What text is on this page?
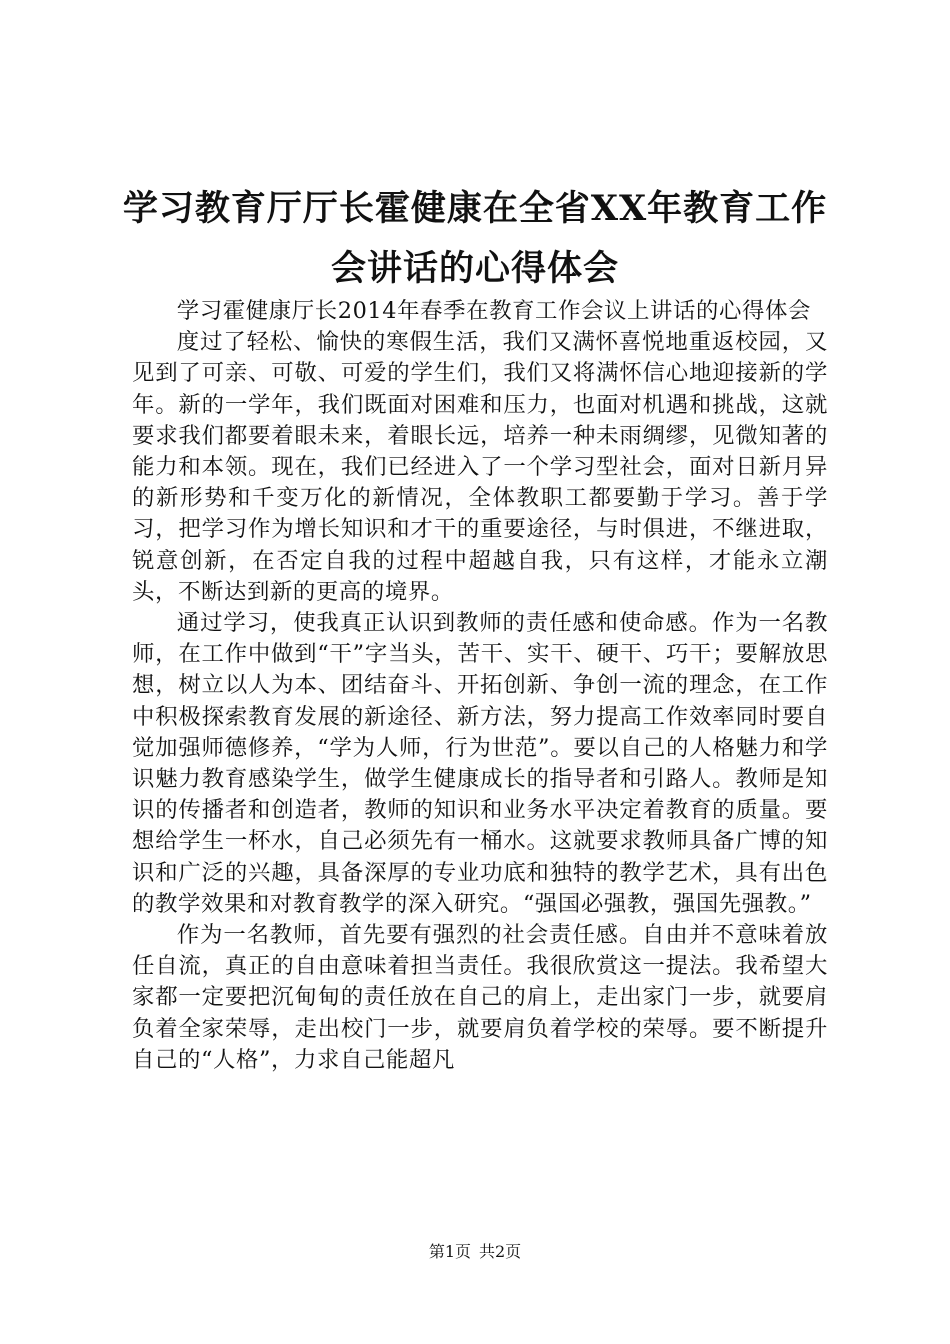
学习教育厅厅长霍健康在全省XX年教育工作
会讲话的心得体会

学习霍健康厅长2014年春季在教育工作会议上讲话的心得体会

度过了轻松、愉快的寒假生活，我们又满怀喜悦地重返校园，又见到了可亲、可敬、可爱的学生们，我们又将满怀信心地迎接新的学年。新的一学年，我们既面对困难和压力，也面对机遇和挑战，这就要求我们都要着眼未来，着眼长远，培养一种未雨绸缪，见微知著的能力和本领。现在，我们已经进入了一个学习型社会，面对日新月异的新形势和千变万化的新情况，全体教职工都要勤于学习。善于学习，把学习作为增长知识和才干的重要途径，与时俱进，不继进取，锐意创新，在否定自我的过程中超越自我，只有这样，才能永立潮头，不断达到新的更高的境界。

通过学习，使我真正认识到教师的责任感和使命感。作为一名教师，在工作中做到“干”字当头，苦干、实干、硬干、巧干；要解放思想，树立以人为本、团结奋斗、开拓创新、争创一流的理念，在工作中积极探索教育发展的新途径、新方法，努力提高工作效率同时要自觉加强师德修养，“学为人师，行为世范”。要以自己的人格魅力和学识魅力教育感染学生，做学生健康成长的指导者和引路人。教师是知识的传播者和创造者，教师的知识和业务水平决定着教育的质量。要想给学生一杯水，自己必须先有一桶水。这就要求教师具备广博的知识和广泛的兴趣，具备深厚的专业功底和独特的教学艺术，具有出色的教学效果和对教育教学的深入研究。“强国必强教，强国先强教。”

作为一名教师，首先要有强烈的社会责任感。自由并不意味着放任自流，真正的自由意味着担当责任。我很欣赏这一提法。我希望大家都一定要把沉甸甸的责任放在自己的肩上，走出家门一步，就要肩负着全家荣辱，走出校门一步，就要肩负着学校的荣辱。要不断提升自己的“人格”，力求自己能超凡

第1页 共2页
